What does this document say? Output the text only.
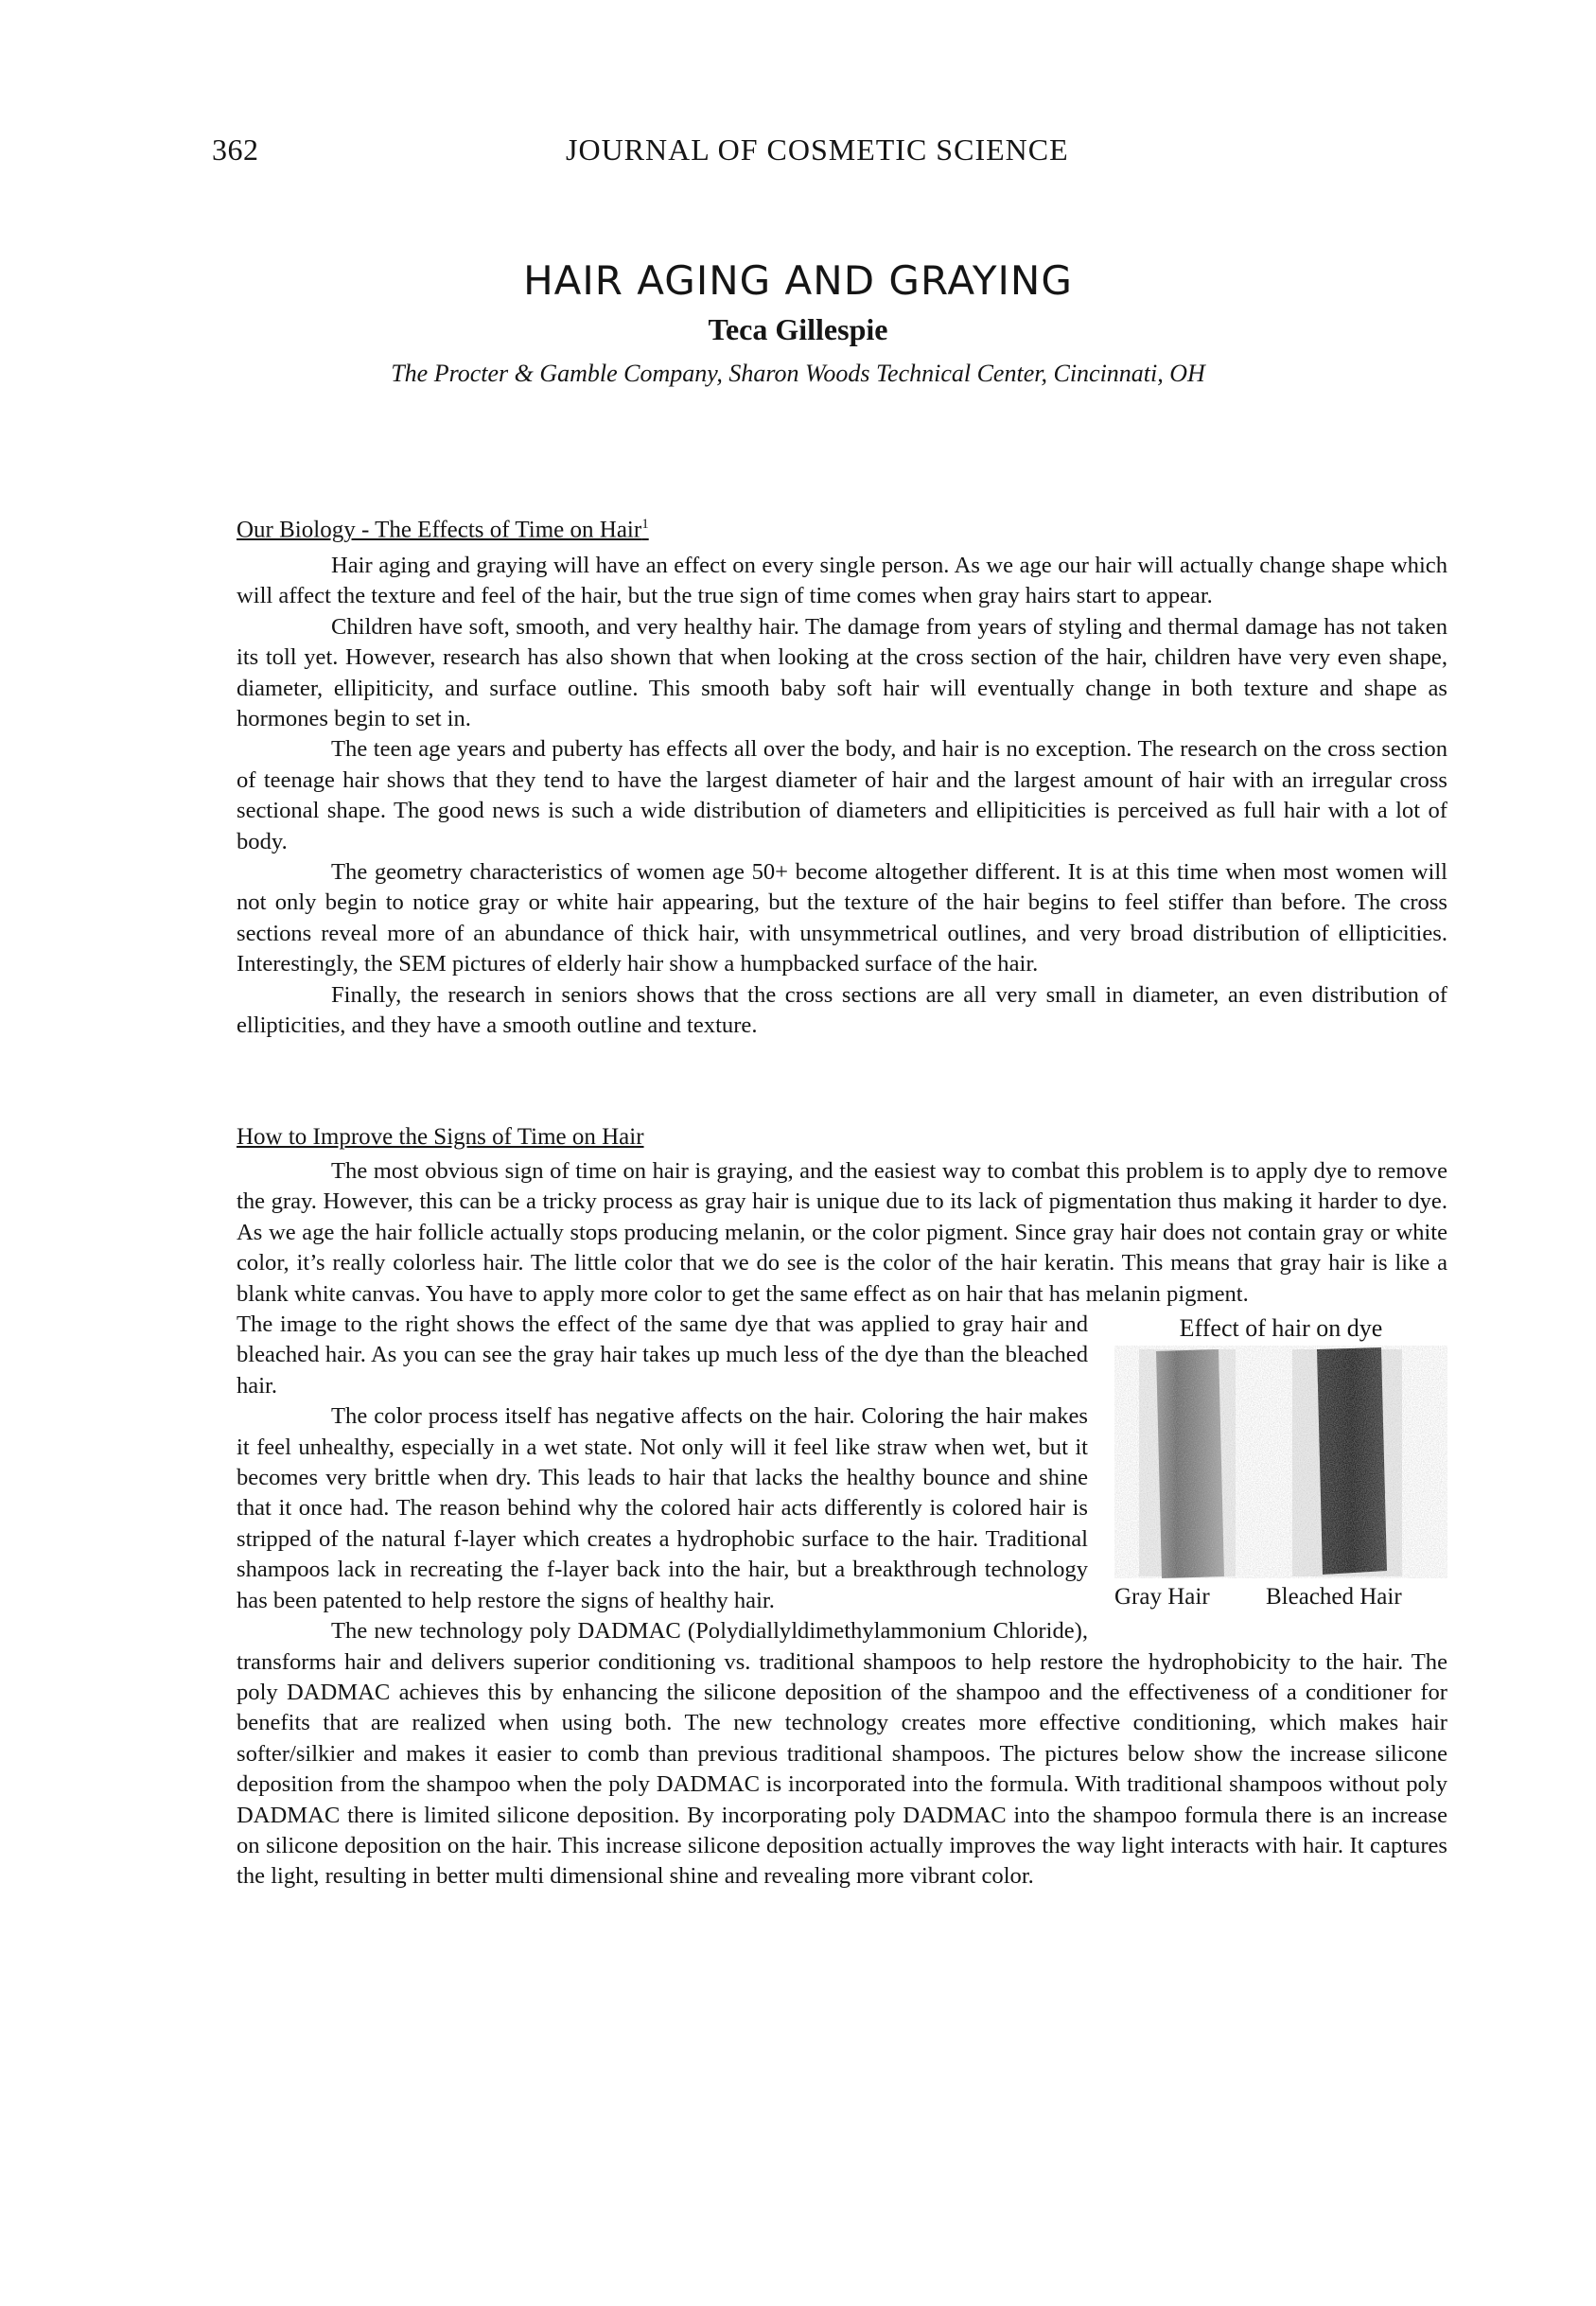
362	JOURNAL OF COSMETIC SCIENCE
HAIR AGING AND GRAYING
Teca Gillespie
The Procter & Gamble Company, Sharon Woods Technical Center, Cincinnati, OH
Our Biology - The Effects of Time on Hair$^1$

Hair aging and graying will have an effect on every single person. As we age our hair will actually change shape which will affect the texture and feel of the hair, but the true sign of time comes when gray hairs start to appear.

Children have soft, smooth, and very healthy hair. The damage from years of styling and thermal damage has not taken its toll yet. However, research has also shown that when looking at the cross section of the hair, children have very even shape, diameter, ellipiticity, and surface outline. This smooth baby soft hair will eventually change in both texture and shape as hormones begin to set in.

The teen age years and puberty has effects all over the body, and hair is no exception. The research on the cross section of teenage hair shows that they tend to have the largest diameter of hair and the largest amount of hair with an irregular cross sectional shape. The good news is such a wide distribution of diameters and ellipiticities is perceived as full hair with a lot of body.

The geometry characteristics of women age 50+ become altogether different. It is at this time when most women will not only begin to notice gray or white hair appearing, but the texture of the hair begins to feel stiffer than before. The cross sections reveal more of an abundance of thick hair, with unsymmetrical outlines, and very broad distribution of ellipticities. Interestingly, the SEM pictures of elderly hair show a humpbacked surface of the hair.

Finally, the research in seniors shows that the cross sections are all very small in diameter, an even distribution of ellipticities, and they have a smooth outline and texture.

How to Improve the Signs of Time on Hair

The most obvious sign of time on hair is graying, and the easiest way to combat this problem is to apply dye to remove the gray. However, this can be a tricky process as gray hair is unique due to its lack of pigmentation thus making it harder to dye. As we age the hair follicle actually stops producing melanin, or the color pigment. Since gray hair does not contain gray or white color, it’s really colorless hair. The little color that we do see is the color of the hair keratin. This means that gray hair is like a blank white canvas. You have to apply more color to get the same effect as on hair that has melanin pigment.

Effect of hair on dye
Gray Hair Bleached Hair

The image to the right shows the effect of the same dye that was applied to gray hair and bleached hair. As you can see the gray hair takes up much less of the dye than the bleached hair.

The color process itself has negative affects on the hair. Coloring the hair makes it feel unhealthy, especially in a wet state. Not only will it feel like straw when wet, but it becomes very brittle when dry. This leads to hair that lacks the healthy bounce and shine that it once had. The reason behind why the colored hair acts differently is colored hair is stripped of the natural f-layer which creates a hydrophobic surface to the hair. Traditional shampoos lack in recreating the f-layer back into the hair, but a breakthrough technology has been patented to help restore the signs of healthy hair.

The new technology poly DADMAC (Polydiallyldimethylammonium Chloride), transforms hair and delivers superior conditioning vs. traditional shampoos to help restore the hydrophobicity to the hair. The poly DADMAC achieves this by enhancing the silicone deposition of the shampoo and the effectiveness of a conditioner for benefits that are realized when using both. The new technology creates more effective conditioning, which makes hair softer/silkier and makes it easier to comb than previous traditional shampoos. The pictures below show the increase silicone deposition from the shampoo when the poly DADMAC is incorporated into the formula. With traditional shampoos without poly DADMAC there is limited silicone deposition. By incorporating poly DADMAC into the shampoo formula there is an increase on silicone deposition on the hair. This increase silicone deposition actually improves the way light interacts with hair. It captures the light, resulting in better multi dimensional shine and revealing more vibrant color.
